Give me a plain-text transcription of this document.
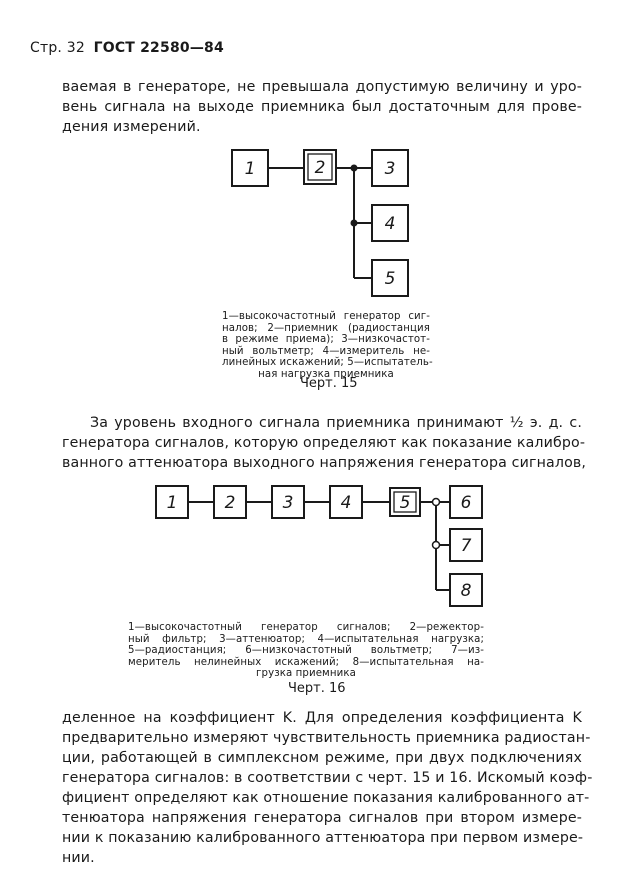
Стр. 32 ГОСТ 22580—84
ваемая в генераторе, не превышала допустимую величину и уро-
вень сигнала на выходе приемника был достаточным для прове-
дения измерений.
1	2	3
4
5
1	2	3	4	5	6
7
8
1—высокочастотный генератор сиг-
налов; 2—приемник (радиостанция
в режиме приема); 3—низкочастот-
ный вольтметр; 4—измеритель не-
линейных искажений; 5—испытатель-
ная нагрузка приемника
Черт. 15
За уровень входного сигнала приемника принимают ½ э. д. с.
генератора сигналов, которую определяют как показание калибро-
ванного аттенюатора выходного напряжения генератора сигналов,
1—высокочастотный генератор сигналов; 2—режектор-
ный фильтр; 3—аттенюатор; 4—испытательная нагрузка;
5—радиостанция; 6—низкочастотный вольтметр; 7—из-
меритель нелинейных искажений; 8—испытательная на-
грузка приемника
Черт. 16
деленное на коэффициент K. Для определения коэффициента K
предварительно измеряют чувствительность приемника радиостан-
ции, работающей в симплексном режиме, при двух подключениях
генератора сигналов: в соответствии с черт. 15 и 16. Искомый коэф-
фициент определяют как отношение показания калиброванного ат-
тенюатора напряжения генератора сигналов при втором измере-
нии к показанию калиброванного аттенюатора при первом измере-
нии.
